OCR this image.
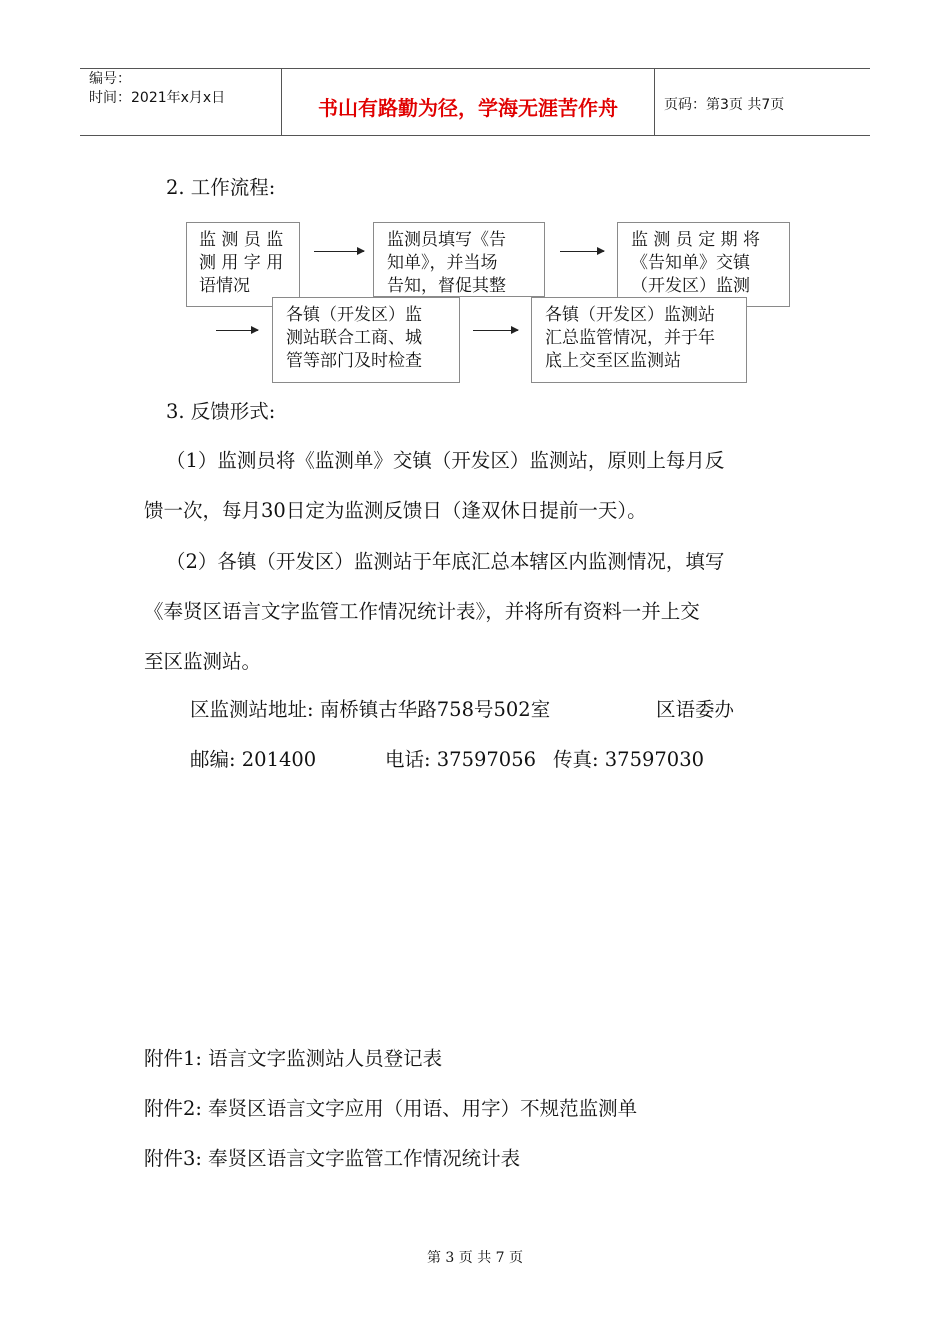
编号：
时间：2021年x月x日	书山有路勤为径，学海无涯苦作舟	页码：第3页 共7页
2. 工作流程:
监 测 员 监
测 用 字 用
语情况
监测员填写《告
知单》，并当场
告知，督促其整
监 测 员 定 期 将
《告知单》交镇
（开发区）监测
各镇（开发区）监
测站联合工商、城
管等部门及时检查
各镇（开发区）监测站
汇总监管情况，并于年
底上交至区监测站
3. 反馈形式:
（1）监测员将《监测单》交镇（开发区）监测站，原则上每月反
馈一次，每月30日定为监测反馈日（逢双休日提前一天）。
（2）各镇（开发区）监测站于年底汇总本辖区内监测情况，填写
《奉贤区语言文字监管工作情况统计表》，并将所有资料一并上交
至区监测站。
区监测站地址: 南桥镇古华路758号502室	区语委办
邮编: 201400	电话: 37597056 传真: 37597030
附件1: 语言文字监测站人员登记表
附件2: 奉贤区语言文字应用（用语、用字）不规范监测单
附件3: 奉贤区语言文字监管工作情况统计表
第 3 页 共 7 页
